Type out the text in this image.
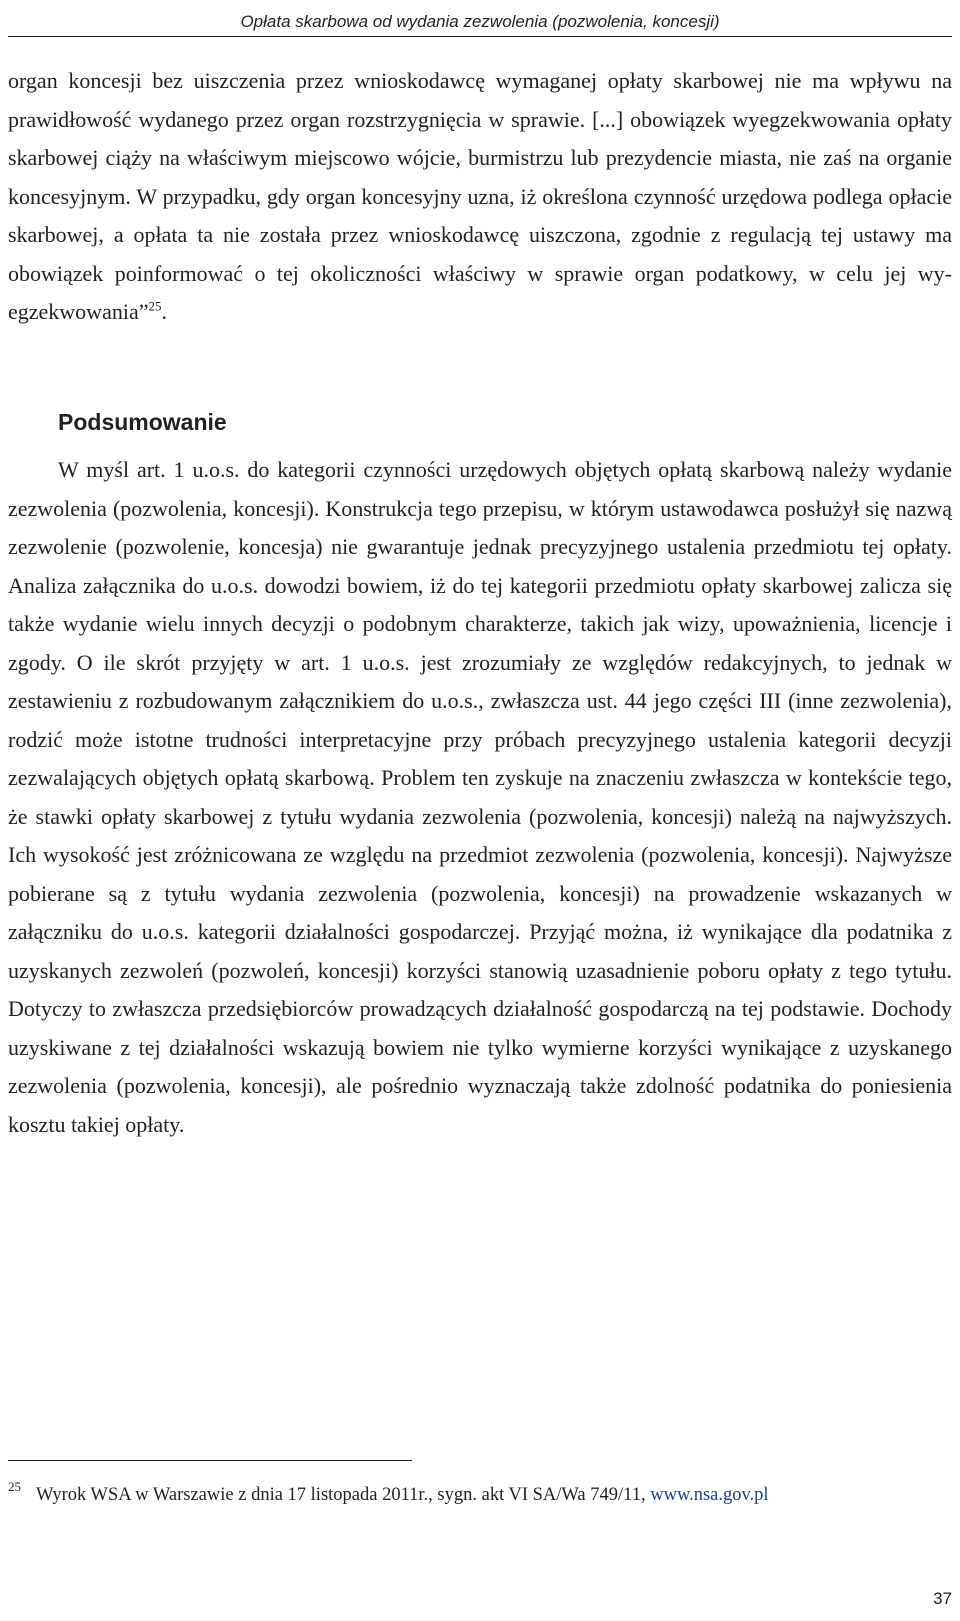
Opłata skarbowa od wydania zezwolenia (pozwolenia, koncesji)

organ koncesji bez uiszczenia przez wnioskodawcę wymaganej opłaty skarbowej nie ma wpływu na prawidłowość wydanego przez organ rozstrzygnięcia w sprawie. [...] obowiązek wyegzekwowania opłaty skarbowej ciąży na właściwym miejscowo wójcie, burmistrzu lub prezydencie miasta, nie zaś na organie koncesyjnym. W przypadku, gdy organ koncesyjny uzna, iż określona czynność urzędowa podlega opłacie skarbowej, a opłata ta nie została przez wnioskodawcę uiszczona, zgodnie z regulacją tej ustawy ma obowiązek poinformować o tej okoliczności właściwy w sprawie organ podatkowy, w celu jej wyegzekwowania”$^{25}$.

Podsumowanie

W myśl art. 1 u.o.s. do kategorii czynności urzędowych objętych opłatą skarbową należy wydanie zezwolenia (pozwolenia, koncesji). Konstrukcja tego przepisu, w którym ustawodawca posłużył się nazwą zezwolenie (pozwolenie, koncesja) nie gwarantuje jednak precyzyjnego ustalenia przedmiotu tej opłaty. Analiza załącznika do u.o.s. dowodzi bowiem, iż do tej kategorii przedmiotu opłaty skarbowej zalicza się także wydanie wielu innych decyzji o podobnym charakterze, takich jak wizy, upoważnienia, licencje i zgody. O ile skrót przyjęty w art. 1 u.o.s. jest zrozumiały ze względów redakcyjnych, to jednak w zestawieniu z rozbudowanym załącznikiem do u.o.s., zwłaszcza ust. 44 jego części III (inne zezwolenia), rodzić może istotne trudności interpretacyjne przy próbach precyzyjnego ustalenia kategorii decyzji zezwalających objętych opłatą skarbową. Problem ten zyskuje na znaczeniu zwłaszcza w kontekście tego, że stawki opłaty skarbowej z tytułu wydania zezwolenia (pozwolenia, koncesji) należą na najwyższych. Ich wysokość jest zróżnicowana ze względu na przedmiot zezwolenia (pozwolenia, koncesji). Najwyższe pobierane są z tytułu wydania zezwolenia (pozwolenia, koncesji) na prowadzenie wskazanych w załączniku do u.o.s. kategorii działalności gospodarczej. Przyjąć można, iż wynikające dla podatnika z uzyskanych zezwoleń (pozwoleń, koncesji) korzyści stanowią uzasadnienie poboru opłaty z tego tytułu. Dotyczy to zwłaszcza przedsiębiorców prowadzących działalność gospodarczą na tej podstawie. Dochody uzyskiwane z tej działalności wskazują bowiem nie tylko wymierne korzyści wynikające z uzyskanego zezwolenia (pozwolenia, koncesji), ale pośrednio wyznaczają także zdolność podatnika do poniesienia kosztu takiej opłaty.

25 Wyrok WSA w Warszawie z dnia 17 listopada 2011r., sygn. akt VI SA/Wa 749/11, www.nsa.gov.pl
37
